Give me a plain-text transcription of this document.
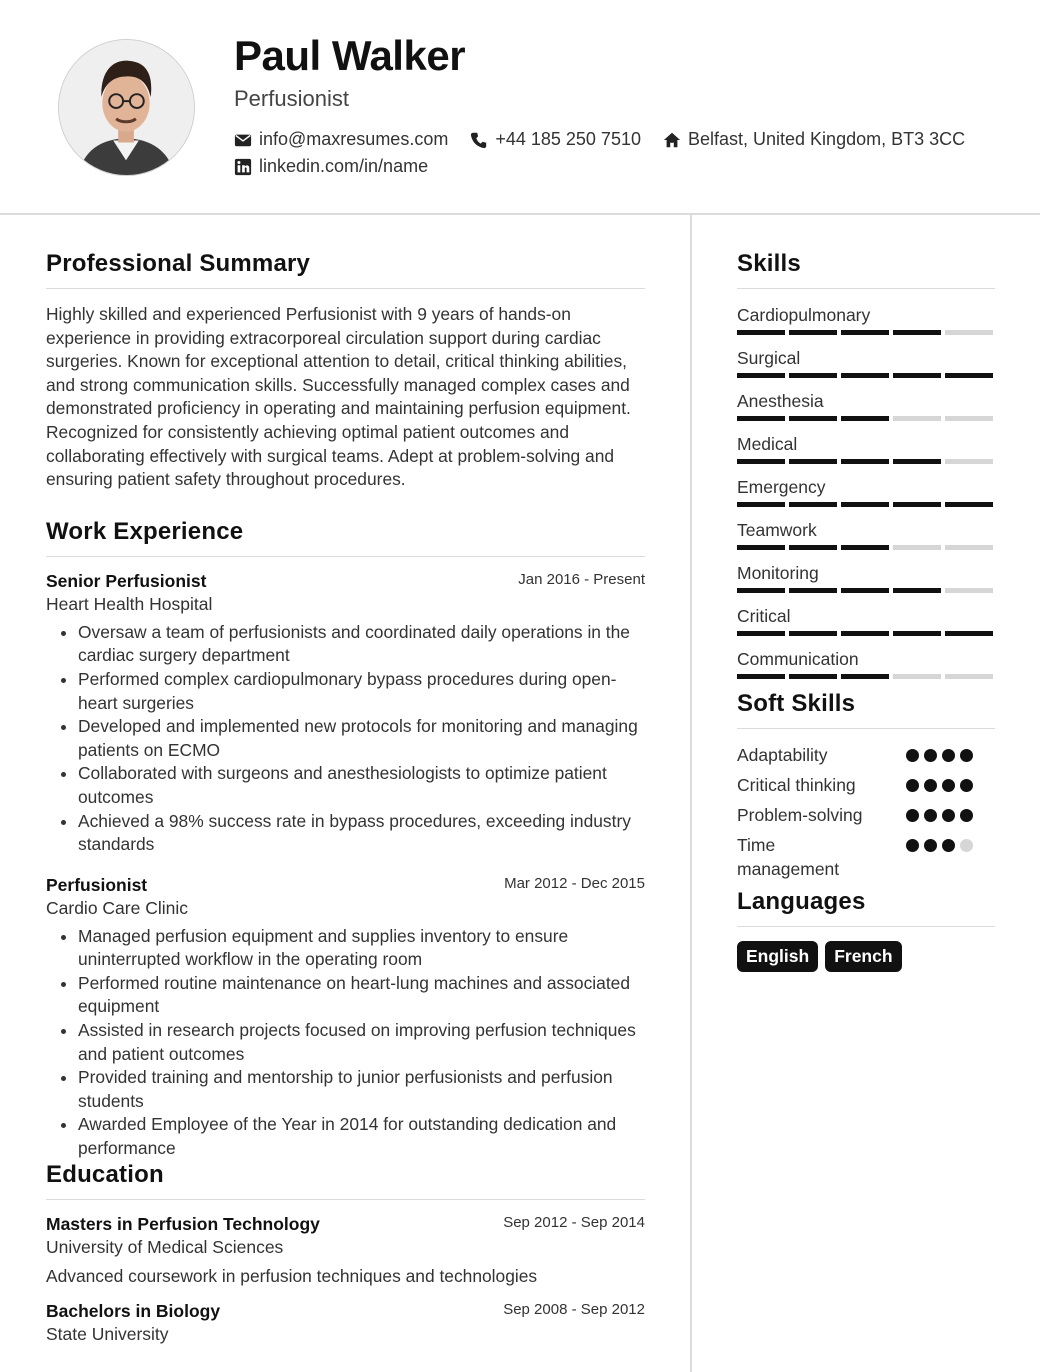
Paul Walker
Perfusionist
info@maxresumes.com	+44 185 250 7510	Belfast, United Kingdom, BT3 3CC
linkedin.com/in/name
Professional Summary

Highly skilled and experienced Perfusionist with 9 years of hands-on experience in providing extracorporeal circulation support during cardiac surgeries. Known for exceptional attention to detail, critical thinking abilities, and strong communication skills. Successfully managed complex cases and demonstrated proficiency in operating and maintaining perfusion equipment. Recognized for consistently achieving optimal patient outcomes and collaborating effectively with surgical teams. Adept at problem-solving and ensuring patient safety throughout procedures.

Work Experience
Senior Perfusionist	Jan 2016 - Present
Heart Health Hospital
• Oversaw a team of perfusionists and coordinated daily operations in the cardiac surgery department
• Performed complex cardiopulmonary bypass procedures during open-heart surgeries
• Developed and implemented new protocols for monitoring and managing patients on ECMO
• Collaborated with surgeons and anesthesiologists to optimize patient outcomes
• Achieved a 98% success rate in bypass procedures, exceeding industry standards
Perfusionist	Mar 2012 - Dec 2015
Cardio Care Clinic
• Managed perfusion equipment and supplies inventory to ensure uninterrupted workflow in the operating room
• Performed routine maintenance on heart-lung machines and associated equipment
• Assisted in research projects focused on improving perfusion techniques and patient outcomes
• Provided training and mentorship to junior perfusionists and perfusion students
• Awarded Employee of the Year in 2014 for outstanding dedication and performance
Education
Masters in Perfusion Technology	Sep 2012 - Sep 2014
University of Medical Sciences
Advanced coursework in perfusion techniques and technologies
Bachelors in Biology	Sep 2008 - Sep 2012
State University
Skills
Cardiopulmonary
Surgical
Anesthesia
Medical
Emergency
Teamwork
Monitoring
Critical
Communication
Soft Skills
Adaptability
Critical thinking
Problem-solving
Time management
Languages
English	French
